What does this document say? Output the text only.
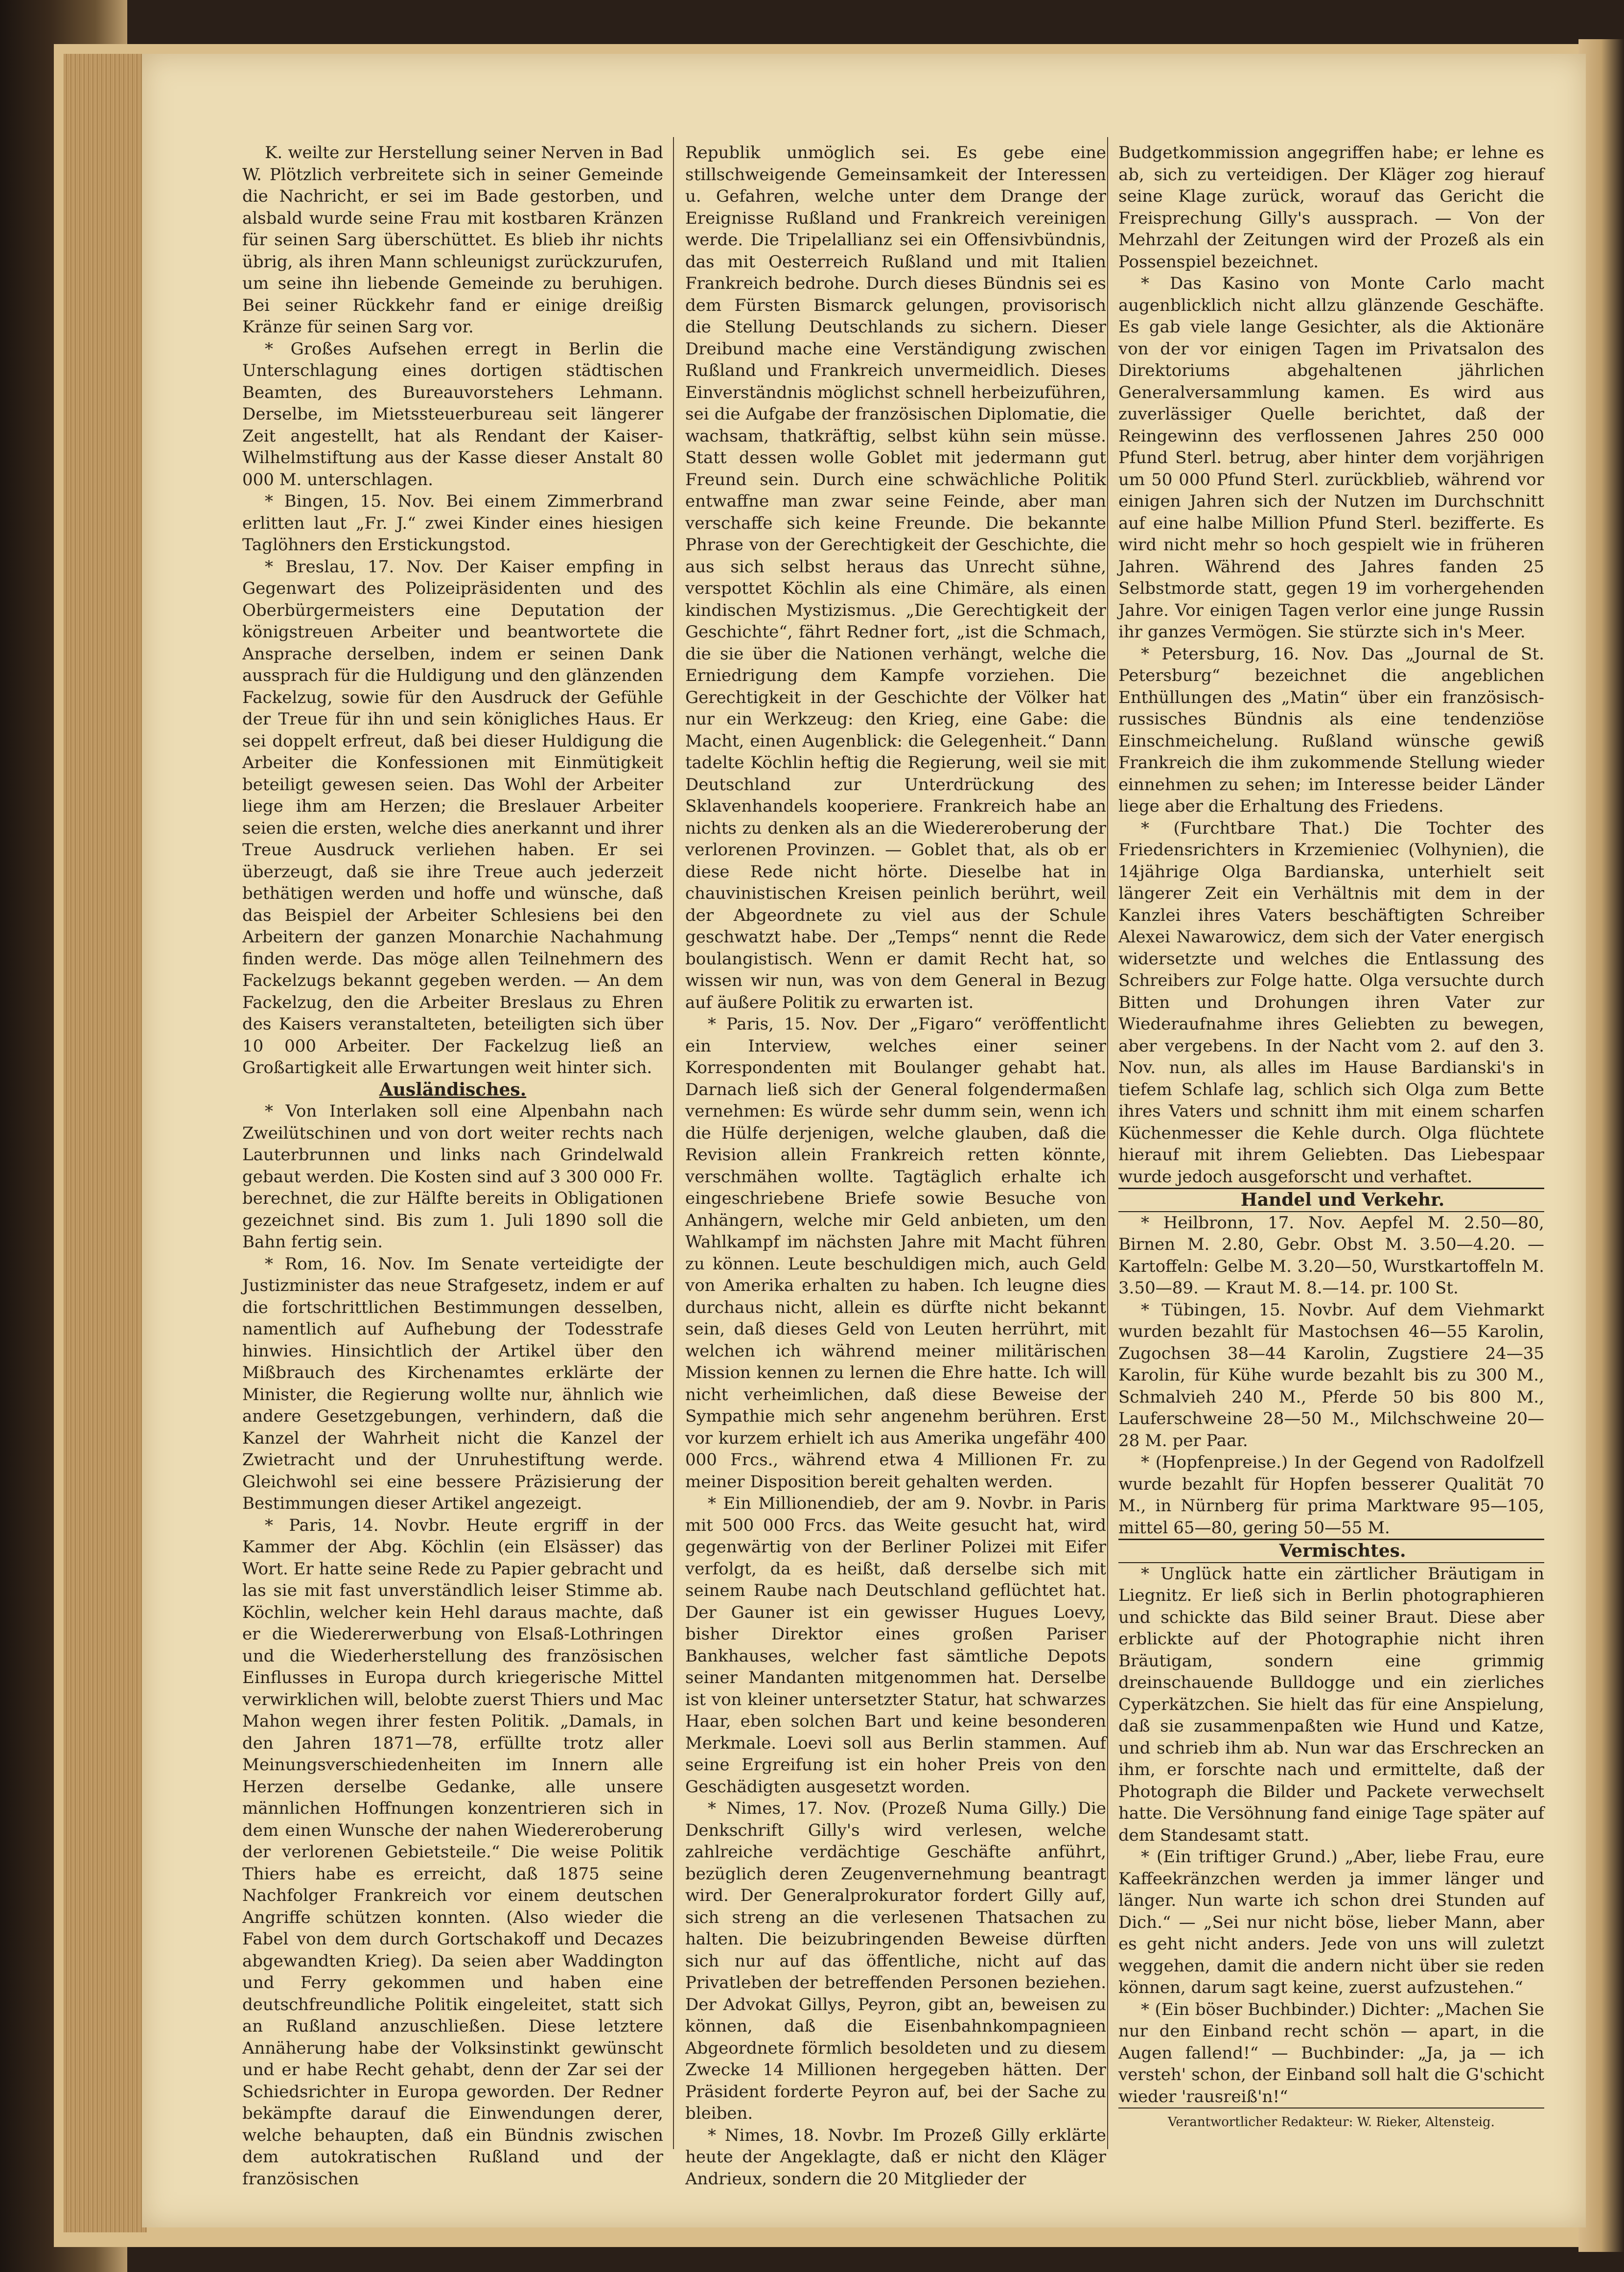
K. weilte zur Herstellung seiner Nerven in Bad W. Plötzlich verbreitete sich in seiner Gemeinde die Nachricht, er sei im Bade gestorben, und alsbald wurde seine Frau mit kostbaren Kränzen für seinen Sarg überschüttet. Es blieb ihr nichts übrig, als ihren Mann schleunigst zurückzurufen, um seine ihn liebende Gemeinde zu beruhigen. Bei seiner Rückkehr fand er einige dreißig Kränze für seinen Sarg vor.

* Großes Aufsehen erregt in Berlin die Unterschlagung eines dortigen städtischen Beamten, des Bureauvorstehers Lehmann. Derselbe, im Mietssteuerbureau seit längerer Zeit angestellt, hat als Rendant der Kaiser-Wilhelmstiftung aus der Kasse dieser Anstalt 80 000 M. unterschlagen.

* Bingen, 15. Nov. Bei einem Zimmerbrand erlitten laut „Fr. J.“ zwei Kinder eines hiesigen Taglöhners den Erstickungstod.

* Breslau, 17. Nov. Der Kaiser empfing in Gegenwart des Polizeipräsidenten und des Oberbürgermeisters eine Deputation der königstreuen Arbeiter und beantwortete die Ansprache derselben, indem er seinen Dank aussprach für die Huldigung und den glänzenden Fackelzug, sowie für den Ausdruck der Gefühle der Treue für ihn und sein königliches Haus. Er sei doppelt erfreut, daß bei dieser Huldigung die Arbeiter die Konfessionen mit Einmütigkeit beteiligt gewesen seien. Das Wohl der Arbeiter liege ihm am Herzen; die Breslauer Arbeiter seien die ersten, welche dies anerkannt und ihrer Treue Ausdruck verliehen haben. Er sei überzeugt, daß sie ihre Treue auch jederzeit bethätigen werden und hoffe und wünsche, daß das Beispiel der Arbeiter Schlesiens bei den Arbeitern der ganzen Monarchie Nachahmung finden werde. Das möge allen Teilnehmern des Fackelzugs bekannt gegeben werden. — An dem Fackelzug, den die Arbeiter Breslaus zu Ehren des Kaisers veranstalteten, beteiligten sich über 10 000 Arbeiter. Der Fackelzug ließ an Großartigkeit alle Erwartungen weit hinter sich.

Ausländisches.

* Von Interlaken soll eine Alpenbahn nach Zweilütschinen und von dort weiter rechts nach Lauterbrunnen und links nach Grindelwald gebaut werden. Die Kosten sind auf 3 300 000 Fr. berechnet, die zur Hälfte bereits in Obligationen gezeichnet sind. Bis zum 1. Juli 1890 soll die Bahn fertig sein.

* Rom, 16. Nov. Im Senate verteidigte der Justizminister das neue Strafgesetz, indem er auf die fortschrittlichen Bestimmungen desselben, namentlich auf Aufhebung der Todesstrafe hinwies. Hinsichtlich der Artikel über den Mißbrauch des Kirchenamtes erklärte der Minister, die Regierung wollte nur, ähnlich wie andere Gesetzgebungen, verhindern, daß die Kanzel der Wahrheit nicht die Kanzel der Zwietracht und der Unruhestiftung werde. Gleichwohl sei eine bessere Präzisierung der Bestimmungen dieser Artikel angezeigt.

* Paris, 14. Novbr. Heute ergriff in der Kammer der Abg. Köchlin (ein Elsässer) das Wort. Er hatte seine Rede zu Papier gebracht und las sie mit fast unverständlich leiser Stimme ab. Köchlin, welcher kein Hehl daraus machte, daß er die Wiedererwerbung von Elsaß-Lothringen und die Wiederherstellung des französischen Einflusses in Europa durch kriegerische Mittel verwirklichen will, belobte zuerst Thiers und Mac Mahon wegen ihrer festen Politik. „Damals, in den Jahren 1871—78, erfüllte trotz aller Meinungsverschiedenheiten im Innern alle Herzen derselbe Gedanke, alle unsere männlichen Hoffnungen konzentrieren sich in dem einen Wunsche der nahen Wiedereroberung der verlorenen Gebietsteile.“ Die weise Politik Thiers habe es erreicht, daß 1875 seine Nachfolger Frankreich vor einem deutschen Angriffe schützen konnten. (Also wieder die Fabel von dem durch Gortschakoff und Decazes abgewandten Krieg). Da seien aber Waddington und Ferry gekommen und haben eine deutschfreundliche Politik eingeleitet, statt sich an Rußland anzuschließen. Diese letztere Annäherung habe der Volksinstinkt gewünscht und er habe Recht gehabt, denn der Zar sei der Schiedsrichter in Europa geworden. Der Redner bekämpfte darauf die Einwendungen derer, welche behaupten, daß ein Bündnis zwischen dem autokratischen Rußland und der französischen

Republik unmöglich sei. Es gebe eine stillschweigende Gemeinsamkeit der Interessen u. Gefahren, welche unter dem Drange der Ereignisse Rußland und Frankreich vereinigen werde. Die Tripelallianz sei ein Offensivbündnis, das mit Oesterreich Rußland und mit Italien Frankreich bedrohe. Durch dieses Bündnis sei es dem Fürsten Bismarck gelungen, provisorisch die Stellung Deutschlands zu sichern. Dieser Dreibund mache eine Verständigung zwischen Rußland und Frankreich unvermeidlich. Dieses Einverständnis möglichst schnell herbeizuführen, sei die Aufgabe der französischen Diplomatie, die wachsam, thatkräftig, selbst kühn sein müsse. Statt dessen wolle Goblet mit jedermann gut Freund sein. Durch eine schwächliche Politik entwaffne man zwar seine Feinde, aber man verschaffe sich keine Freunde. Die bekannte Phrase von der Gerechtigkeit der Geschichte, die aus sich selbst heraus das Unrecht sühne, verspottet Köchlin als eine Chimäre, als einen kindischen Mystizismus. „Die Gerechtigkeit der Geschichte“, fährt Redner fort, „ist die Schmach, die sie über die Nationen verhängt, welche die Erniedrigung dem Kampfe vorziehen. Die Gerechtigkeit in der Geschichte der Völker hat nur ein Werkzeug: den Krieg, eine Gabe: die Macht, einen Augenblick: die Gelegenheit.“ Dann tadelte Köchlin heftig die Regierung, weil sie mit Deutschland zur Unterdrückung des Sklavenhandels kooperiere. Frankreich habe an nichts zu denken als an die Wiedereroberung der verlorenen Provinzen. — Goblet that, als ob er diese Rede nicht hörte. Dieselbe hat in chauvinistischen Kreisen peinlich berührt, weil der Abgeordnete zu viel aus der Schule geschwatzt habe. Der „Temps“ nennt die Rede boulangistisch. Wenn er damit Recht hat, so wissen wir nun, was von dem General in Bezug auf äußere Politik zu erwarten ist.

* Paris, 15. Nov. Der „Figaro“ veröffentlicht ein Interview, welches einer seiner Korrespondenten mit Boulanger gehabt hat. Darnach ließ sich der General folgendermaßen vernehmen: Es würde sehr dumm sein, wenn ich die Hülfe derjenigen, welche glauben, daß die Revision allein Frankreich retten könnte, verschmähen wollte. Tagtäglich erhalte ich eingeschriebene Briefe sowie Besuche von Anhängern, welche mir Geld anbieten, um den Wahlkampf im nächsten Jahre mit Macht führen zu können. Leute beschuldigen mich, auch Geld von Amerika erhalten zu haben. Ich leugne dies durchaus nicht, allein es dürfte nicht bekannt sein, daß dieses Geld von Leuten herrührt, mit welchen ich während meiner militärischen Mission kennen zu lernen die Ehre hatte. Ich will nicht verheimlichen, daß diese Beweise der Sympathie mich sehr angenehm berühren. Erst vor kurzem erhielt ich aus Amerika ungefähr 400 000 Frcs., während etwa 4 Millionen Fr. zu meiner Disposition bereit gehalten werden.

* Ein Millionendieb, der am 9. Novbr. in Paris mit 500 000 Frcs. das Weite gesucht hat, wird gegenwärtig von der Berliner Polizei mit Eifer verfolgt, da es heißt, daß derselbe sich mit seinem Raube nach Deutschland geflüchtet hat. Der Gauner ist ein gewisser Hugues Loevy, bisher Direktor eines großen Pariser Bankhauses, welcher fast sämtliche Depots seiner Mandanten mitgenommen hat. Derselbe ist von kleiner untersetzter Statur, hat schwarzes Haar, eben solchen Bart und keine besonderen Merkmale. Loevi soll aus Berlin stammen. Auf seine Ergreifung ist ein hoher Preis von den Geschädigten ausgesetzt worden.

* Nimes, 17. Nov. (Prozeß Numa Gilly.) Die Denkschrift Gilly's wird verlesen, welche zahlreiche verdächtige Geschäfte anführt, bezüglich deren Zeugenvernehmung beantragt wird. Der Generalprokurator fordert Gilly auf, sich streng an die verlesenen Thatsachen zu halten. Die beizubringenden Beweise dürften sich nur auf das öffentliche, nicht auf das Privatleben der betreffenden Personen beziehen. Der Advokat Gillys, Peyron, gibt an, beweisen zu können, daß die Eisenbahnkompagnieen Abgeordnete förmlich besoldeten und zu diesem Zwecke 14 Millionen hergegeben hätten. Der Präsident forderte Peyron auf, bei der Sache zu bleiben.

* Nimes, 18. Novbr. Im Prozeß Gilly erklärte heute der Angeklagte, daß er nicht den Kläger Andrieux, sondern die 20 Mitglieder der

Budgetkommission angegriffen habe; er lehne es ab, sich zu verteidigen. Der Kläger zog hierauf seine Klage zurück, worauf das Gericht die Freisprechung Gilly's aussprach. — Von der Mehrzahl der Zeitungen wird der Prozeß als ein Possenspiel bezeichnet.

* Das Kasino von Monte Carlo macht augenblicklich nicht allzu glänzende Geschäfte. Es gab viele lange Gesichter, als die Aktionäre von der vor einigen Tagen im Privatsalon des Direktoriums abgehaltenen jährlichen Generalversammlung kamen. Es wird aus zuverlässiger Quelle berichtet, daß der Reingewinn des verflossenen Jahres 250 000 Pfund Sterl. betrug, aber hinter dem vorjährigen um 50 000 Pfund Sterl. zurückblieb, während vor einigen Jahren sich der Nutzen im Durchschnitt auf eine halbe Million Pfund Sterl. bezifferte. Es wird nicht mehr so hoch gespielt wie in früheren Jahren. Während des Jahres fanden 25 Selbstmorde statt, gegen 19 im vorhergehenden Jahre. Vor einigen Tagen verlor eine junge Russin ihr ganzes Vermögen. Sie stürzte sich in's Meer.

* Petersburg, 16. Nov. Das „Journal de St. Petersburg“ bezeichnet die angeblichen Enthüllungen des „Matin“ über ein französisch-russisches Bündnis als eine tendenziöse Einschmeichelung. Rußland wünsche gewiß Frankreich die ihm zukommende Stellung wieder einnehmen zu sehen; im Interesse beider Länder liege aber die Erhaltung des Friedens.

* (Furchtbare That.) Die Tochter des Friedensrichters in Krzemieniec (Volhynien), die 14jährige Olga Bardianska, unterhielt seit längerer Zeit ein Verhältnis mit dem in der Kanzlei ihres Vaters beschäftigten Schreiber Alexei Nawarowicz, dem sich der Vater energisch widersetzte und welches die Entlassung des Schreibers zur Folge hatte. Olga versuchte durch Bitten und Drohungen ihren Vater zur Wiederaufnahme ihres Geliebten zu bewegen, aber vergebens. In der Nacht vom 2. auf den 3. Nov. nun, als alles im Hause Bardianski's in tiefem Schlafe lag, schlich sich Olga zum Bette ihres Vaters und schnitt ihm mit einem scharfen Küchenmesser die Kehle durch. Olga flüchtete hierauf mit ihrem Geliebten. Das Liebespaar wurde jedoch ausgeforscht und verhaftet.

Handel und Verkehr.

* Heilbronn, 17. Nov. Aepfel M. 2.50—80, Birnen M. 2.80, Gebr. Obst M. 3.50—4.20. — Kartoffeln: Gelbe M. 3.20—50, Wurstkartoffeln M. 3.50—89. — Kraut M. 8.—14. pr. 100 St.

* Tübingen, 15. Novbr. Auf dem Viehmarkt wurden bezahlt für Mastochsen 46—55 Karolin, Zugochsen 38—44 Karolin, Zugstiere 24—35 Karolin, für Kühe wurde bezahlt bis zu 300 M., Schmalvieh 240 M., Pferde 50 bis 800 M., Lauferschweine 28—50 M., Milchschweine 20—28 M. per Paar.

* (Hopfenpreise.) In der Gegend von Radolfzell wurde bezahlt für Hopfen besserer Qualität 70 M., in Nürnberg für prima Marktware 95—105, mittel 65—80, gering 50—55 M.

Vermischtes.

* Unglück hatte ein zärtlicher Bräutigam in Liegnitz. Er ließ sich in Berlin photographieren und schickte das Bild seiner Braut. Diese aber erblickte auf der Photographie nicht ihren Bräutigam, sondern eine grimmig dreinschauende Bulldogge und ein zierliches Cyperkätzchen. Sie hielt das für eine Anspielung, daß sie zusammenpaßten wie Hund und Katze, und schrieb ihm ab. Nun war das Erschrecken an ihm, er forschte nach und ermittelte, daß der Photograph die Bilder und Packete verwechselt hatte. Die Versöhnung fand einige Tage später auf dem Standesamt statt.

* (Ein triftiger Grund.) „Aber, liebe Frau, eure Kaffeekränzchen werden ja immer länger und länger. Nun warte ich schon drei Stunden auf Dich.“ — „Sei nur nicht böse, lieber Mann, aber es geht nicht anders. Jede von uns will zuletzt weggehen, damit die andern nicht über sie reden können, darum sagt keine, zuerst aufzustehen.“

* (Ein böser Buchbinder.) Dichter: „Machen Sie nur den Einband recht schön — apart, in die Augen fallend!“ — Buchbinder: „Ja, ja — ich versteh' schon, der Einband soll halt die G'schicht wieder 'rausreiß'n!“

Verantwortlicher Redakteur: W. Rieker, Altensteig.
